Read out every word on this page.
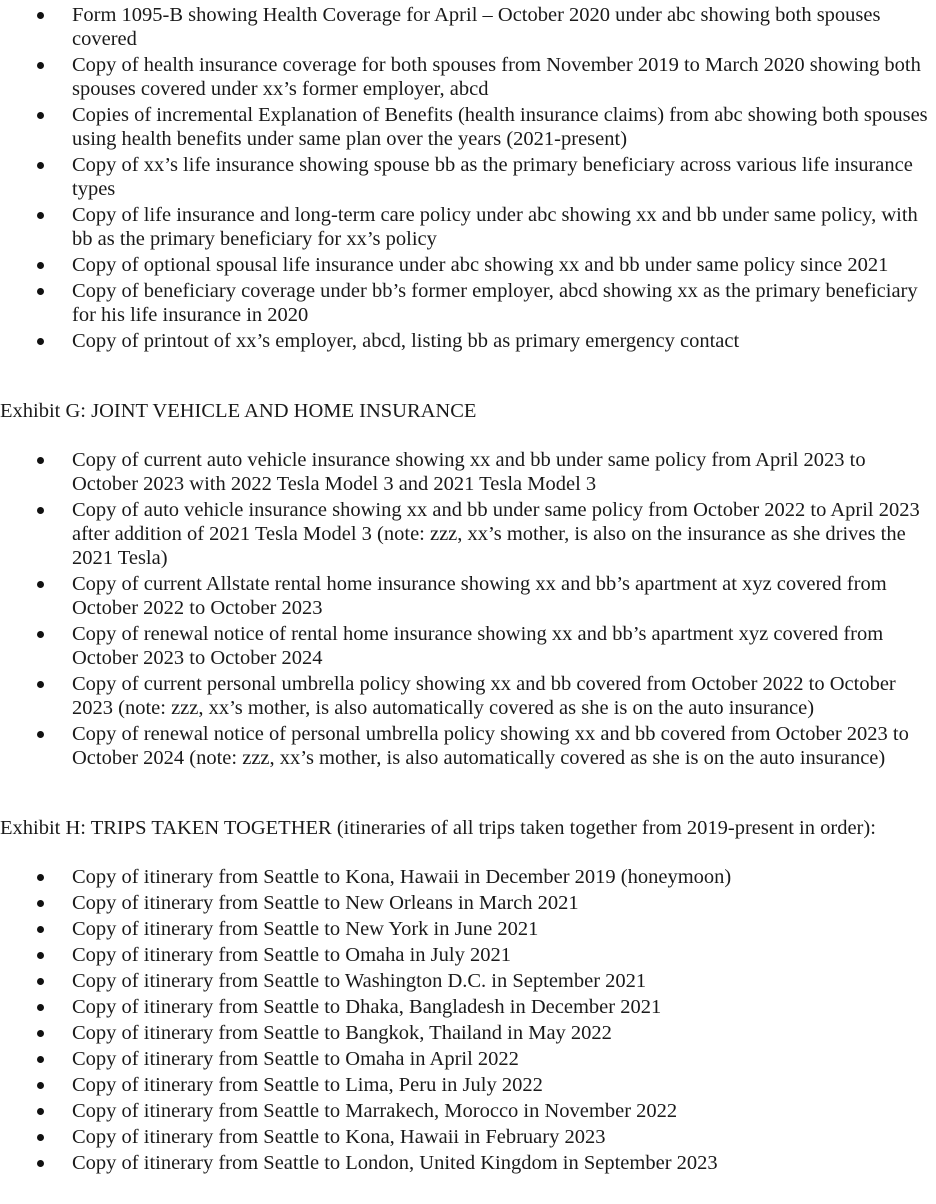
Form 1095-B showing Health Coverage for April – October 2020 under abc showing both spouses covered
Copy of health insurance coverage for both spouses from November 2019 to March 2020 showing both spouses covered under xx’s former employer, abcd
Copies of incremental Explanation of Benefits (health insurance claims) from abc showing both spouses using health benefits under same plan over the years (2021-present)
Copy of xx’s life insurance showing spouse bb as the primary beneficiary across various life insurance types
Copy of life insurance and long-term care policy under abc showing xx and bb under same policy, with bb as the primary beneficiary for xx’s policy
Copy of optional spousal life insurance under abc showing xx and bb under same policy since 2021
Copy of beneficiary coverage under bb’s former employer, abcd showing xx as the primary beneficiary for his life insurance in 2020
Copy of printout of xx’s employer, abcd, listing bb as primary emergency contact

Exhibit G: JOINT VEHICLE AND HOME INSURANCE

Copy of current auto vehicle insurance showing xx and bb under same policy from April 2023 to October 2023 with 2022 Tesla Model 3 and 2021 Tesla Model 3
Copy of auto vehicle insurance showing xx and bb under same policy from October 2022 to April 2023 after addition of 2021 Tesla Model 3 (note: zzz, xx’s mother, is also on the insurance as she drives the 2021 Tesla)
Copy of current Allstate rental home insurance showing xx and bb’s apartment at xyz covered from October 2022 to October 2023
Copy of renewal notice of rental home insurance showing xx and bb’s apartment xyz covered from October 2023 to October 2024
Copy of current personal umbrella policy showing xx and bb covered from October 2022 to October 2023 (note: zzz, xx’s mother, is also automatically covered as she is on the auto insurance)
Copy of renewal notice of personal umbrella policy showing xx and bb covered from October 2023 to October 2024 (note: zzz, xx’s mother, is also automatically covered as she is on the auto insurance)

Exhibit H: TRIPS TAKEN TOGETHER (itineraries of all trips taken together from 2019-present in order):

Copy of itinerary from Seattle to Kona, Hawaii in December 2019 (honeymoon)
Copy of itinerary from Seattle to New Orleans in March 2021
Copy of itinerary from Seattle to New York in June 2021
Copy of itinerary from Seattle to Omaha in July 2021
Copy of itinerary from Seattle to Washington D.C. in September 2021
Copy of itinerary from Seattle to Dhaka, Bangladesh in December 2021
Copy of itinerary from Seattle to Bangkok, Thailand in May 2022
Copy of itinerary from Seattle to Omaha in April 2022
Copy of itinerary from Seattle to Lima, Peru in July 2022
Copy of itinerary from Seattle to Marrakech, Morocco in November 2022
Copy of itinerary from Seattle to Kona, Hawaii in February 2023
Copy of itinerary from Seattle to London, United Kingdom in September 2023
